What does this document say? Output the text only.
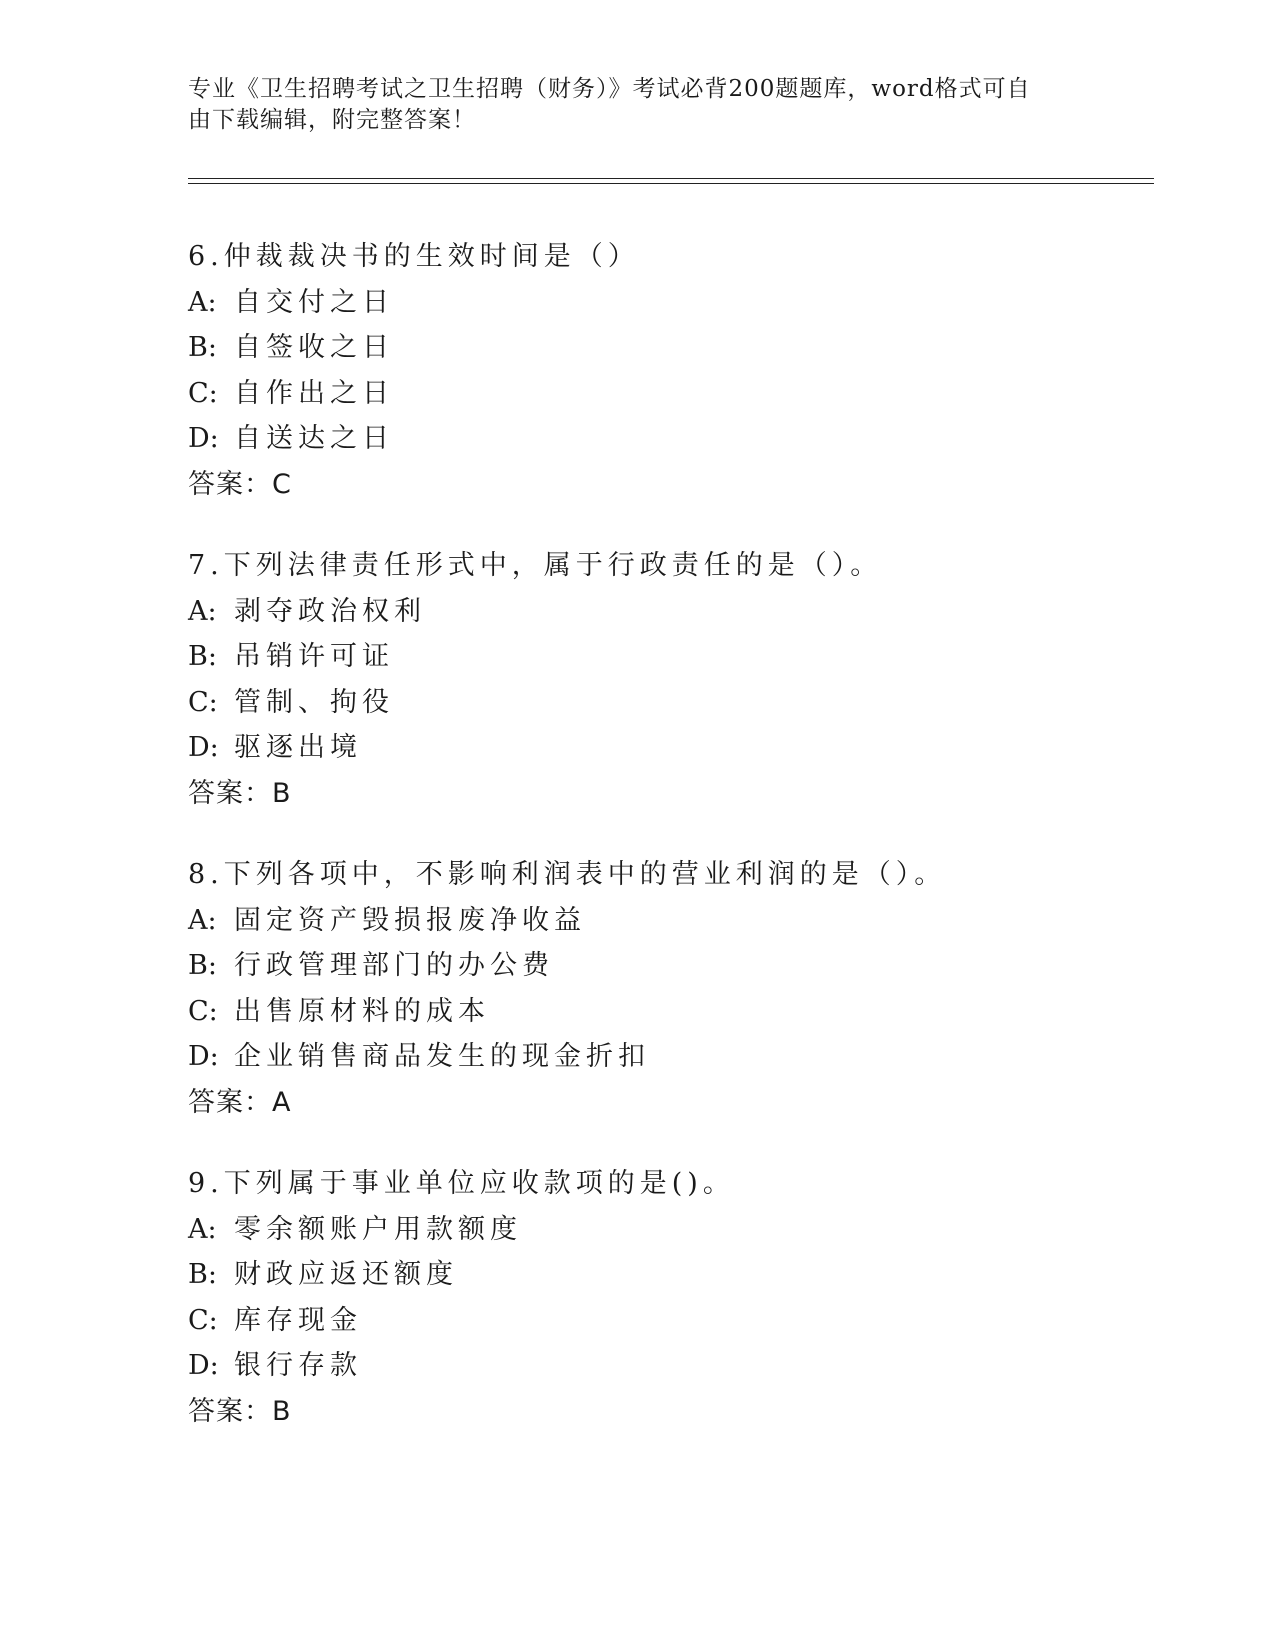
专业《卫生招聘考试之卫生招聘（财务）》考试必背200题题库，word格式可自
由下载编辑，附完整答案！
6.仲裁裁决书的生效时间是（）
A: 自交付之日
B: 自签收之日
C: 自作出之日
D: 自送达之日
答案：C
7.下列法律责任形式中，属于行政责任的是（）。
A: 剥夺政治权利
B: 吊销许可证
C: 管制、拘役
D: 驱逐出境
答案：B
8.下列各项中，不影响利润表中的营业利润的是（）。
A: 固定资产毁损报废净收益
B: 行政管理部门的办公费
C: 出售原材料的成本
D: 企业销售商品发生的现金折扣
答案：A
9.下列属于事业单位应收款项的是()。
A: 零余额账户用款额度
B: 财政应返还额度
C: 库存现金
D: 银行存款
答案：B
